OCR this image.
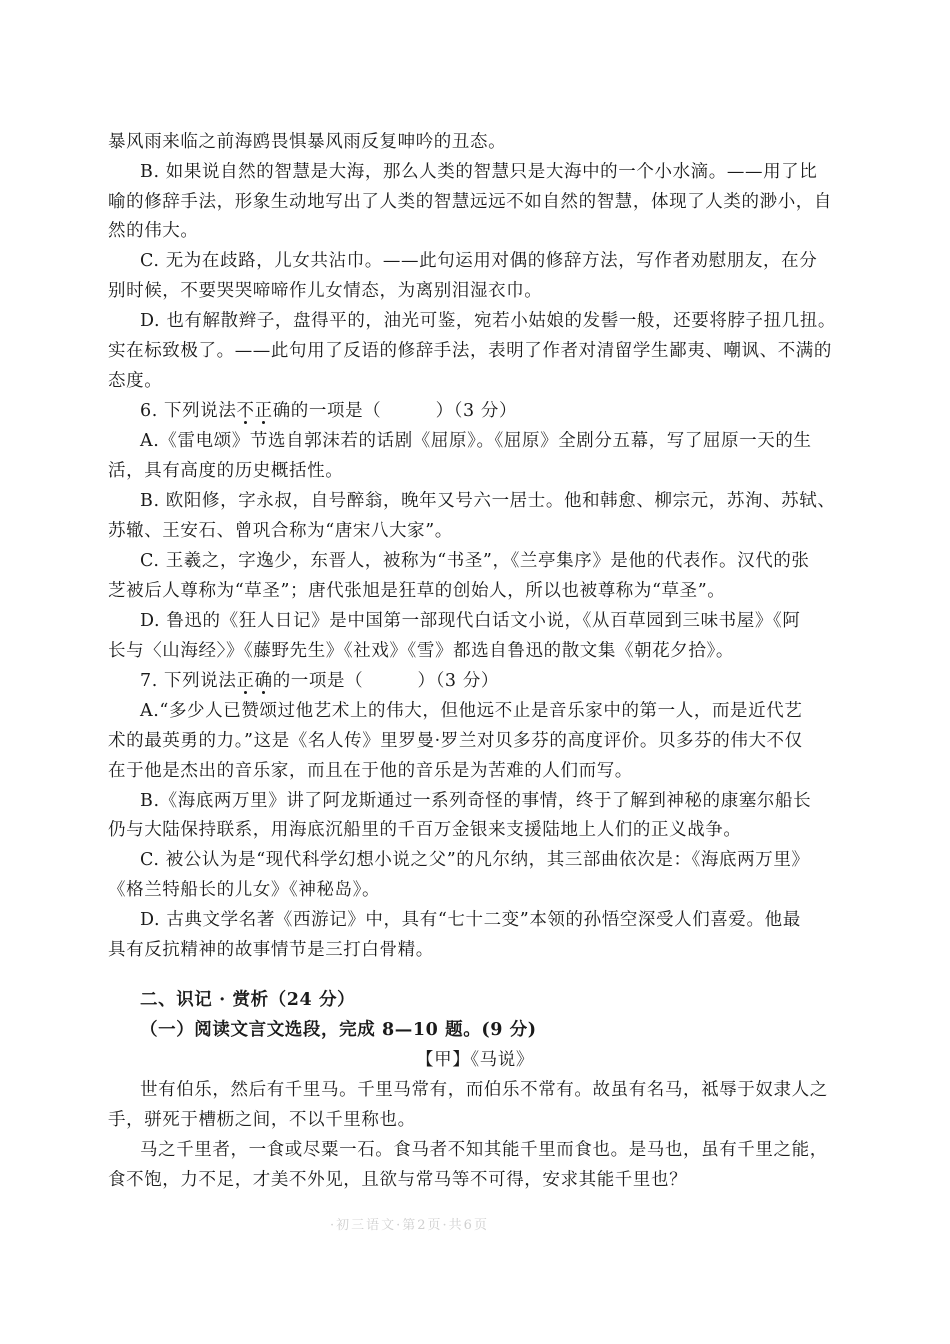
暴风雨来临之前海鸥畏惧暴风雨反复呻吟的丑态。
B. 如果说自然的智慧是大海，那么人类的智慧只是大海中的一个小水滴。——用了比
喻的修辞手法，形象生动地写出了人类的智慧远远不如自然的智慧，体现了人类的渺小，自
然的伟大。
C. 无为在歧路，儿女共沾巾。——此句运用对偶的修辞方法，写作者劝慰朋友，在分
别时候，不要哭哭啼啼作儿女情态，为离别泪湿衣巾。
D. 也有解散辫子，盘得平的，油光可鉴，宛若小姑娘的发髻一般，还要将脖子扭几扭。
实在标致极了。——此句用了反语的修辞手法，表明了作者对清留学生鄙夷、嘲讽、不满的
态度。
6. 下列说法不正确的一项是（　　　）（3 分）
A.《雷电颂》节选自郭沫若的话剧《屈原》。《屈原》全剧分五幕，写了屈原一天的生
活，具有高度的历史概括性。
B. 欧阳修，字永叔，自号醉翁，晚年又号六一居士。他和韩愈、柳宗元，苏洵、苏轼、
苏辙、王安石、曾巩合称为“唐宋八大家”。
C. 王羲之，字逸少，东晋人，被称为“书圣”，《兰亭集序》是他的代表作。汉代的张
芝被后人尊称为“草圣”；唐代张旭是狂草的创始人，所以也被尊称为“草圣”。
D. 鲁迅的《狂人日记》是中国第一部现代白话文小说，《从百草园到三味书屋》《阿
长与〈山海经〉》《藤野先生》《社戏》《雪》都选自鲁迅的散文集《朝花夕拾》。
7. 下列说法正确的一项是（　　　）（3 分）
A.“多少人已赞颂过他艺术上的伟大，但他远不止是音乐家中的第一人，而是近代艺
术的最英勇的力。”这是《名人传》里罗曼·罗兰对贝多芬的高度评价。贝多芬的伟大不仅
在于他是杰出的音乐家，而且在于他的音乐是为苦难的人们而写。
B.《海底两万里》讲了阿龙斯通过一系列奇怪的事情，终于了解到神秘的康塞尔船长
仍与大陆保持联系，用海底沉船里的千百万金银来支援陆地上人们的正义战争。
C. 被公认为是“现代科学幻想小说之父”的凡尔纳，其三部曲依次是：《海底两万里》
《格兰特船长的儿女》《神秘岛》。
D. 古典文学名著《西游记》中，具有“七十二变”本领的孙悟空深受人们喜爱。他最
具有反抗精神的故事情节是三打白骨精。
二、识记 · 赏析（24 分）
（一）阅读文言文选段，完成 8—10 题。(9 分)
【甲】《马说》
世有伯乐，然后有千里马。千里马常有，而伯乐不常有。故虽有名马，祗辱于奴隶人之
手，骈死于槽枥之间，不以千里称也。
马之千里者，一食或尽粟一石。食马者不知其能千里而食也。是马也，虽有千里之能，
食不饱，力不足，才美不外见，且欲与常马等不可得，安求其能千里也？
·初三语文·第2页·共6页
